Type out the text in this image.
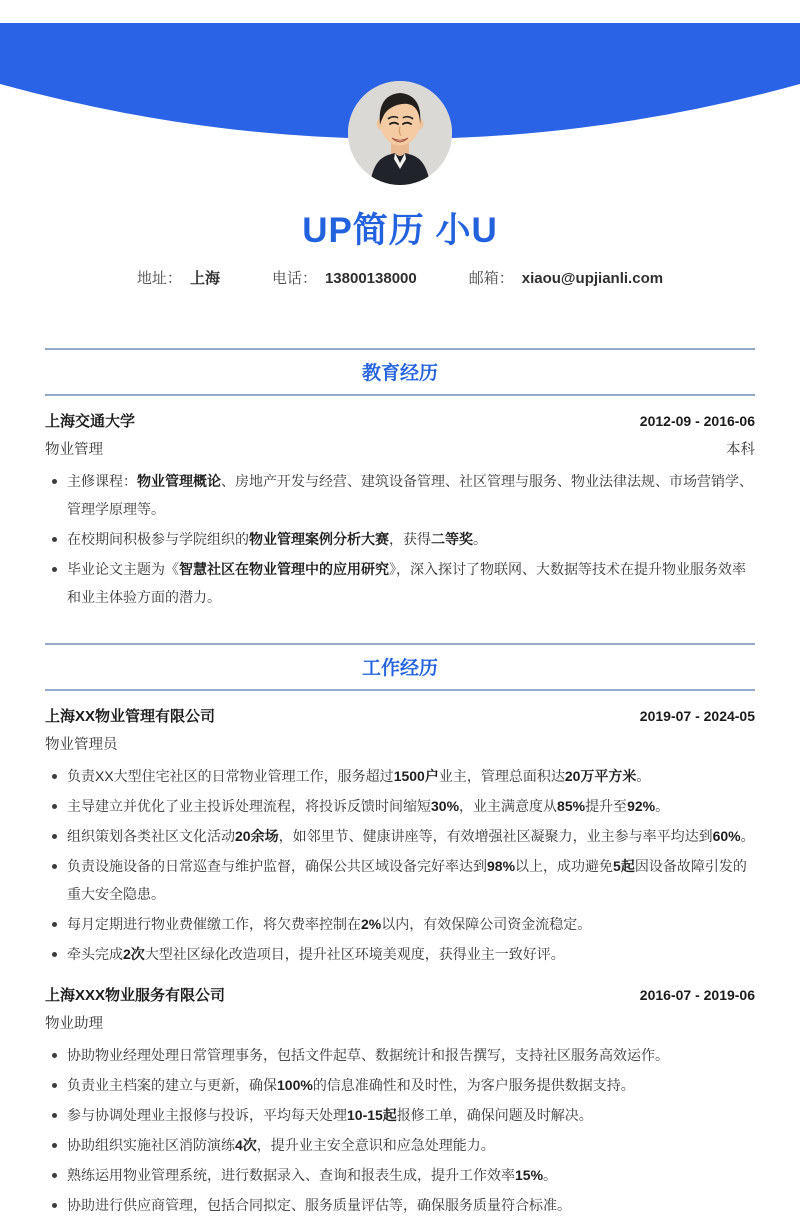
UP简历 小U
地址： 上海	电话： 13800138000	邮箱： xiaou@upjianli.com
教育经历
上海交通大学	2012-09 - 2016-06
物业管理	本科
主修课程：物业管理概论、房地产开发与经营、建筑设备管理、社区管理与服务、物业法律法规、市场营销学、管理学原理等。
在校期间积极参与学院组织的物业管理案例分析大赛，获得二等奖。
毕业论文主题为《智慧社区在物业管理中的应用研究》，深入探讨了物联网、大数据等技术在提升物业服务效率和业主体验方面的潜力。
工作经历
上海XX物业管理有限公司	2019-07 - 2024-05
物业管理员
负责XX大型住宅社区的日常物业管理工作，服务超过1500户业主，管理总面积达20万平方米。
主导建立并优化了业主投诉处理流程，将投诉反馈时间缩短30%，业主满意度从85%提升至92%。
组织策划各类社区文化活动20余场，如邻里节、健康讲座等，有效增强社区凝聚力，业主参与率平均达到60%。
负责设施设备的日常巡查与维护监督，确保公共区域设备完好率达到98%以上，成功避免5起因设备故障引发的重大安全隐患。
每月定期进行物业费催缴工作，将欠费率控制在2%以内，有效保障公司资金流稳定。
牵头完成2次大型社区绿化改造项目，提升社区环境美观度，获得业主一致好评。
上海XXX物业服务有限公司	2016-07 - 2019-06
物业助理
协助物业经理处理日常管理事务，包括文件起草、数据统计和报告撰写，支持社区服务高效运作。
负责业主档案的建立与更新，确保100%的信息准确性和及时性，为客户服务提供数据支持。
参与协调处理业主报修与投诉，平均每天处理10-15起报修工单，确保问题及时解决。
协助组织实施社区消防演练4次，提升业主安全意识和应急处理能力。
熟练运用物业管理系统，进行数据录入、查询和报表生成，提升工作效率15%。
协助进行供应商管理，包括合同拟定、服务质量评估等，确保服务质量符合标准。
